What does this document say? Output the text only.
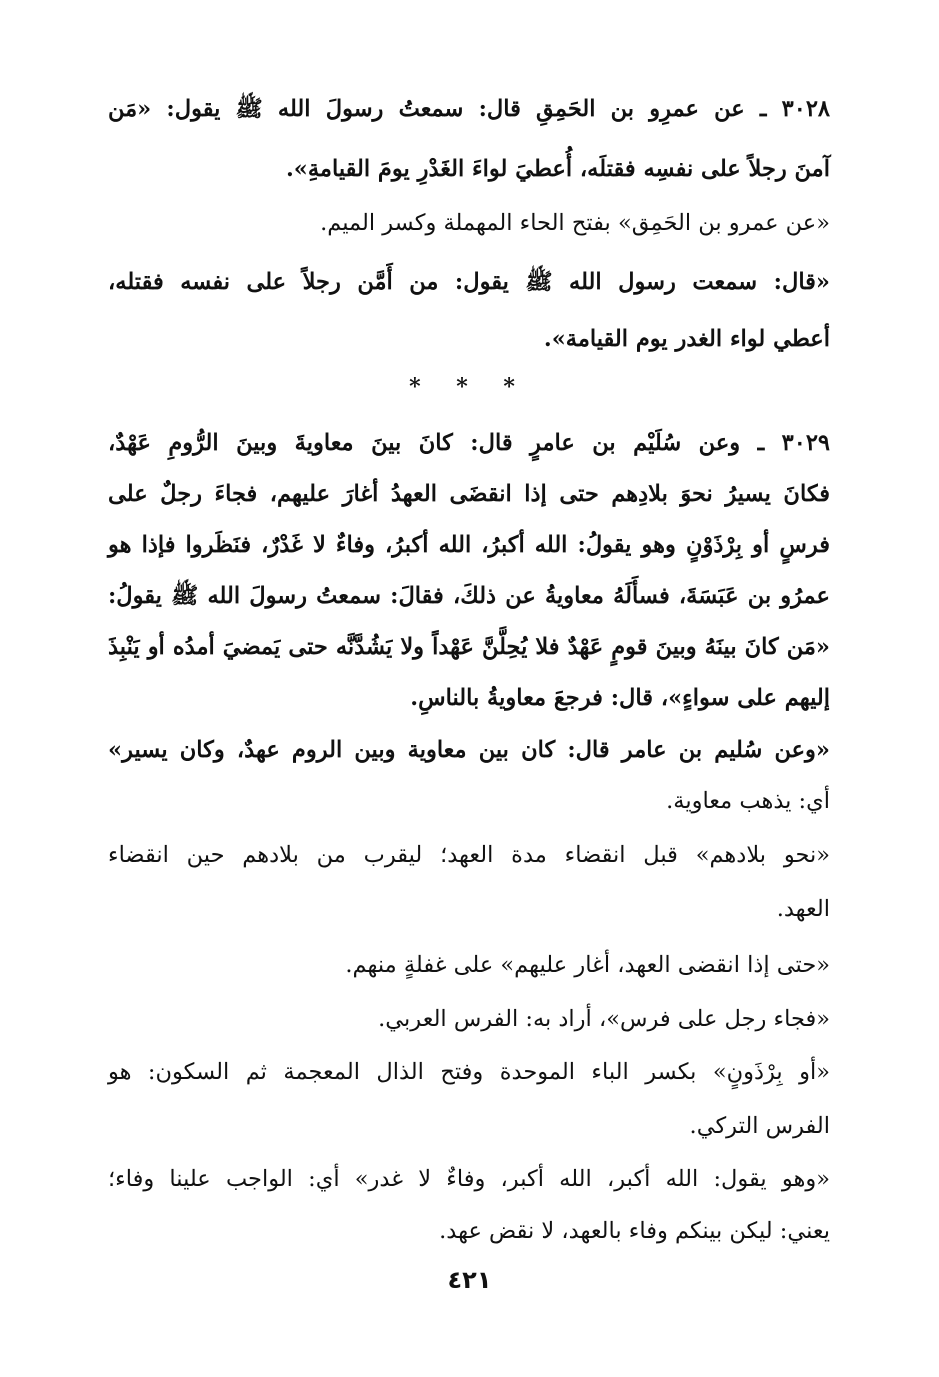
٣٠٢٨ ـ عن عمرِو بن الحَمِقِ قال: سمعتُ رسولَ الله ﷺ يقول: «مَن
آمنَ رجلاً على نفسِه فقتلَه، أُعطيَ لواءَ الغَدْرِ يومَ القيامةِ».
«عن عمرو بن الحَمِق» بفتح الحاء المهملة وكسر الميم.
«قال: سمعت رسول الله ﷺ يقول: من أَمَّن رجلاً على نفسه فقتله،
أعطي لواء الغدر يوم القيامة».
* * *
٣٠٢٩ ـ وعن سُلَيْم بن عامرٍ قال: كانَ بينَ معاويةَ وبينَ الرُّومِ عَهْدٌ،
فكانَ يسيرُ نحوَ بلادِهم حتى إذا انقضَى العهدُ أغارَ عليهم، فجاءَ رجلٌ على
فرسٍ أو بِرْذَوْنٍ وهو يقولُ: الله أكبرُ، الله أكبرُ، وفاءٌ لا غَدْرٌ، فنَظَروا فإذا هو
عمرُو بن عَبَسَةَ، فسأَلَهُ معاويةُ عن ذلكَ، فقالَ: سمعتُ رسولَ الله ﷺ يقولُ:
«مَن كانَ بينَهُ وبينَ قومٍ عَهْدٌ فلا يُحِلَّنَّ عَهْداً ولا يَشُدَّنَّه حتى يَمضيَ أمدُه أو يَنْبِذَ
إليهم على سواءٍ»، قال: فرجعَ معاويةُ بالناسِ.
«وعن سُليم بن عامر قال: كان بين معاوية وبين الروم عهدٌ، وكان يسير»
أي: يذهب معاوية.
«نحو بلادهم» قبل انقضاء مدة العهد؛ ليقرب من بلادهم حين انقضاء
العهد.
«حتى إذا انقضى العهد، أغار عليهم» على غفلةٍ منهم.
«فجاء رجل على فرس»، أراد به: الفرس العربي.
«أو بِرْذَونٍ» بكسر الباء الموحدة وفتح الذال المعجمة ثم السكون: هو
الفرس التركي.
«وهو يقول: الله أكبر، الله أكبر، وفاءٌ لا غدر» أي: الواجب علينا وفاء؛
يعني: ليكن بينكم وفاء بالعهد، لا نقض عهد.
٤٢١
